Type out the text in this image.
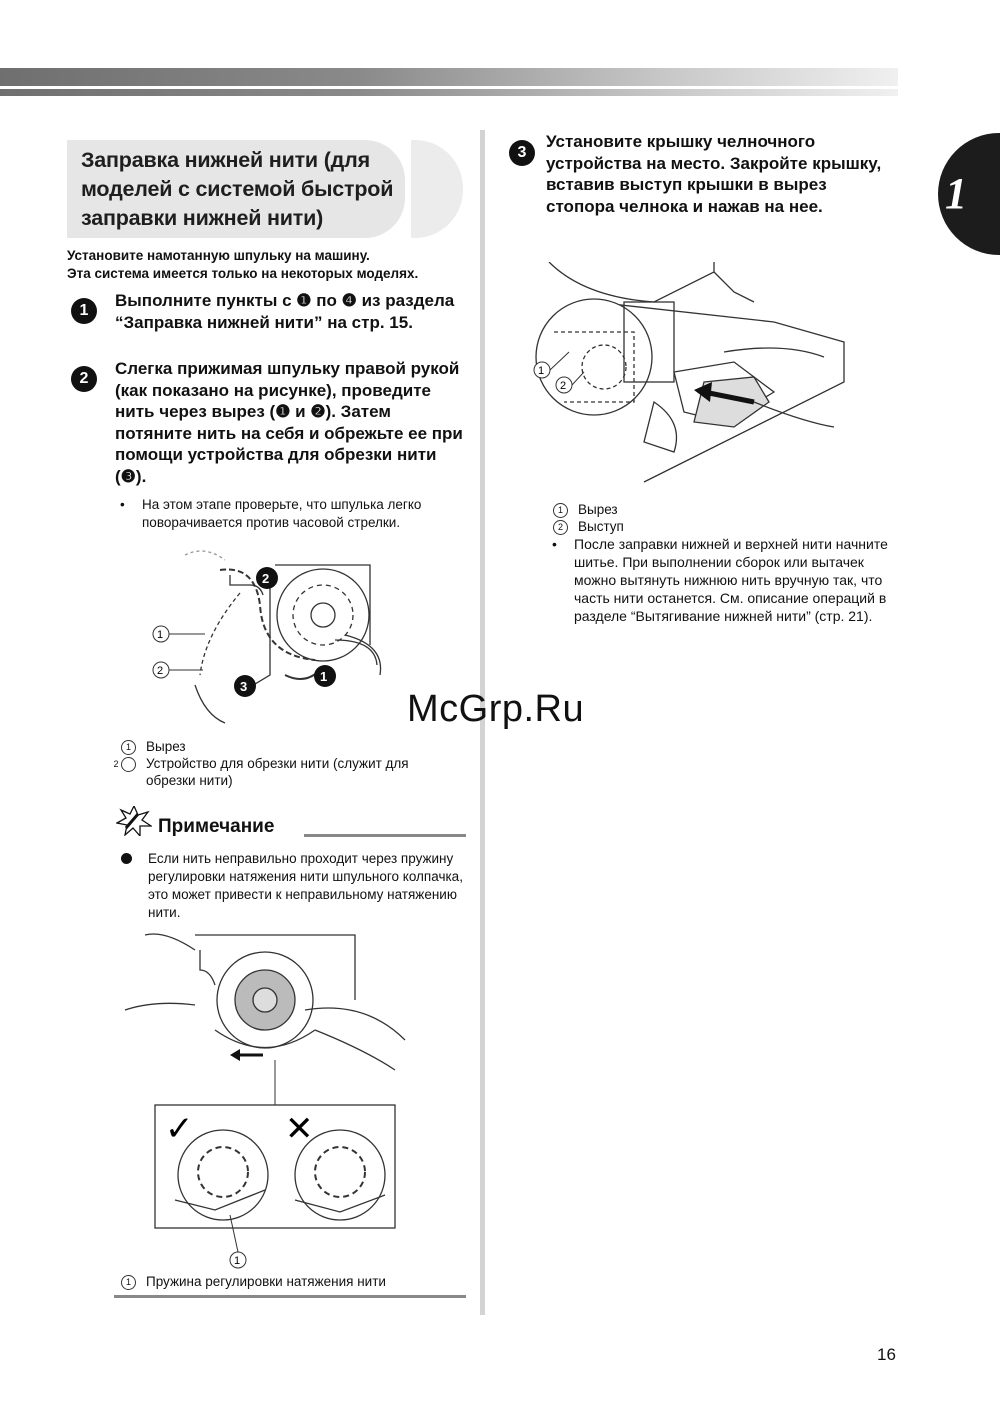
1
Заправка нижней нити (для моделей с системой быстрой заправки нижней нити)
Установите намотанную шпульку на машину.
Эта система имеется только на некоторых моделях.
1
Выполните пункты с ❶ по ❹ из раздела “Заправка нижней нити” на стр. 15.
2
Слегка прижимая шпульку правой рукой (как показано на рисунке), проведите нить через вырез (❶ и ❷). Затем потяните нить на себя и обрежьте ее при помощи устройства для обрезки нити (❸).
• На этом этапе проверьте, что шпулька легко поворачивается против часовой стрелки.
2
3
1
1
2
1 Вырез
2 Устройство для обрезки нити (служит для обрезки нити)
Примечание
Если нить неправильно проходит через пружину регулировки натяжения нити шпульного колпачка, это может привести к неправильному натяжению нити.
✓	✕
1
1 Пружина регулировки натяжения нити
3
Установите крышку челночного устройства на место. Закройте крышку, вставив выступ крышки в вырез стопора челнока и нажав на нее.
1
2
1 Вырез
2 Выступ
• После заправки нижней и верхней нити начните шитье. При выполнении сборок или вытачек можно вытянуть нижнюю нить вручную так, что часть нити останется. См. описание операций в разделе “Вытягивание нижней нити” (стр. 21).
McGrp.Ru
16
